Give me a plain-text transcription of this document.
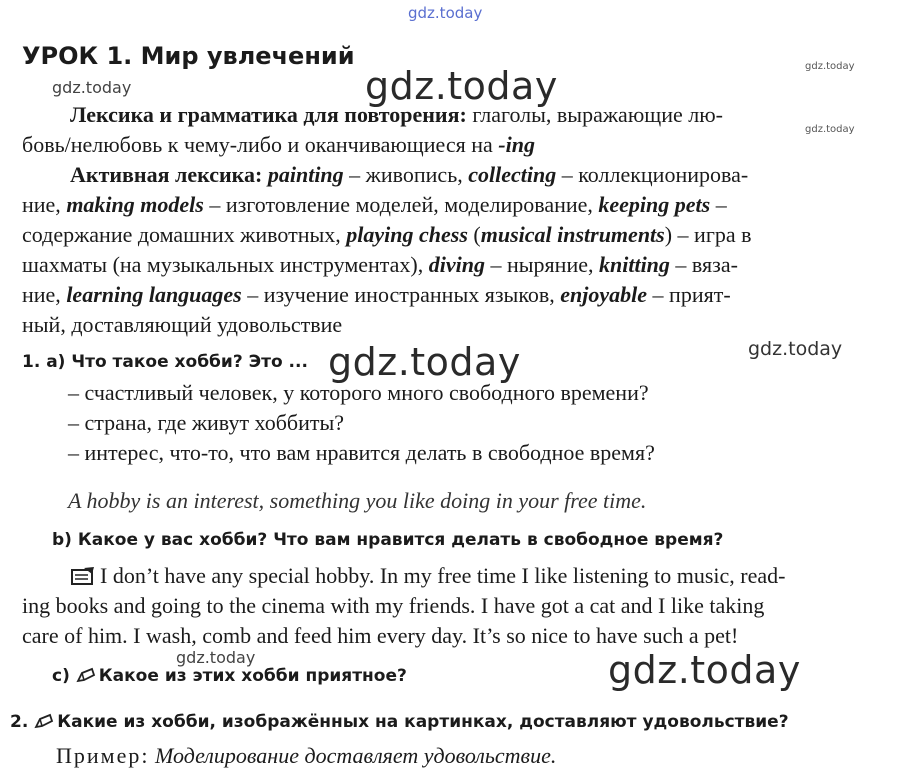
gdz.today
gdz.today	gdz.today	gdz.today
gdz.today
gdz.today	gdz.today
gdz.today	gdz.today
УРОК 1. Мир увлечений
Лексика и грамматика для повторения: глаголы, выражающие лю-
бовь/нелюбовь к чему-либо и оканчивающиеся на -ing
Активная лексика: painting – живопись, collecting – коллекционирова-
ние, making models – изготовление моделей, моделирование, keeping pets –
содержание домашних животных, playing chess (musical instruments) – игра в
шахматы (на музыкальных инструментах), diving – ныряние, knitting – вяза-
ние, learning languages – изучение иностранных языков, enjoyable – прият-
ный, доставляющий удовольствие
1. a) Что такое хобби? Это ...
– счастливый человек, у которого много свободного времени?
– страна, где живут хоббиты?
– интерес, что-то, что вам нравится делать в свободное время?
A hobby is an interest, something you like doing in your free time.
b) Какое у вас хобби? Что вам нравится делать в свободное время?
I don’t have any special hobby. In my free time I like listening to music, read-
ing books and going to the cinema with my friends. I have got a cat and I like taking
care of him. I wash, comb and feed him every day. It’s so nice to have such a pet!
c) Какое из этих хобби приятное?
2. Какие из хобби, изображённых на картинках, доставляют удовольствие?
Пример: Моделирование доставляет удовольствие.
